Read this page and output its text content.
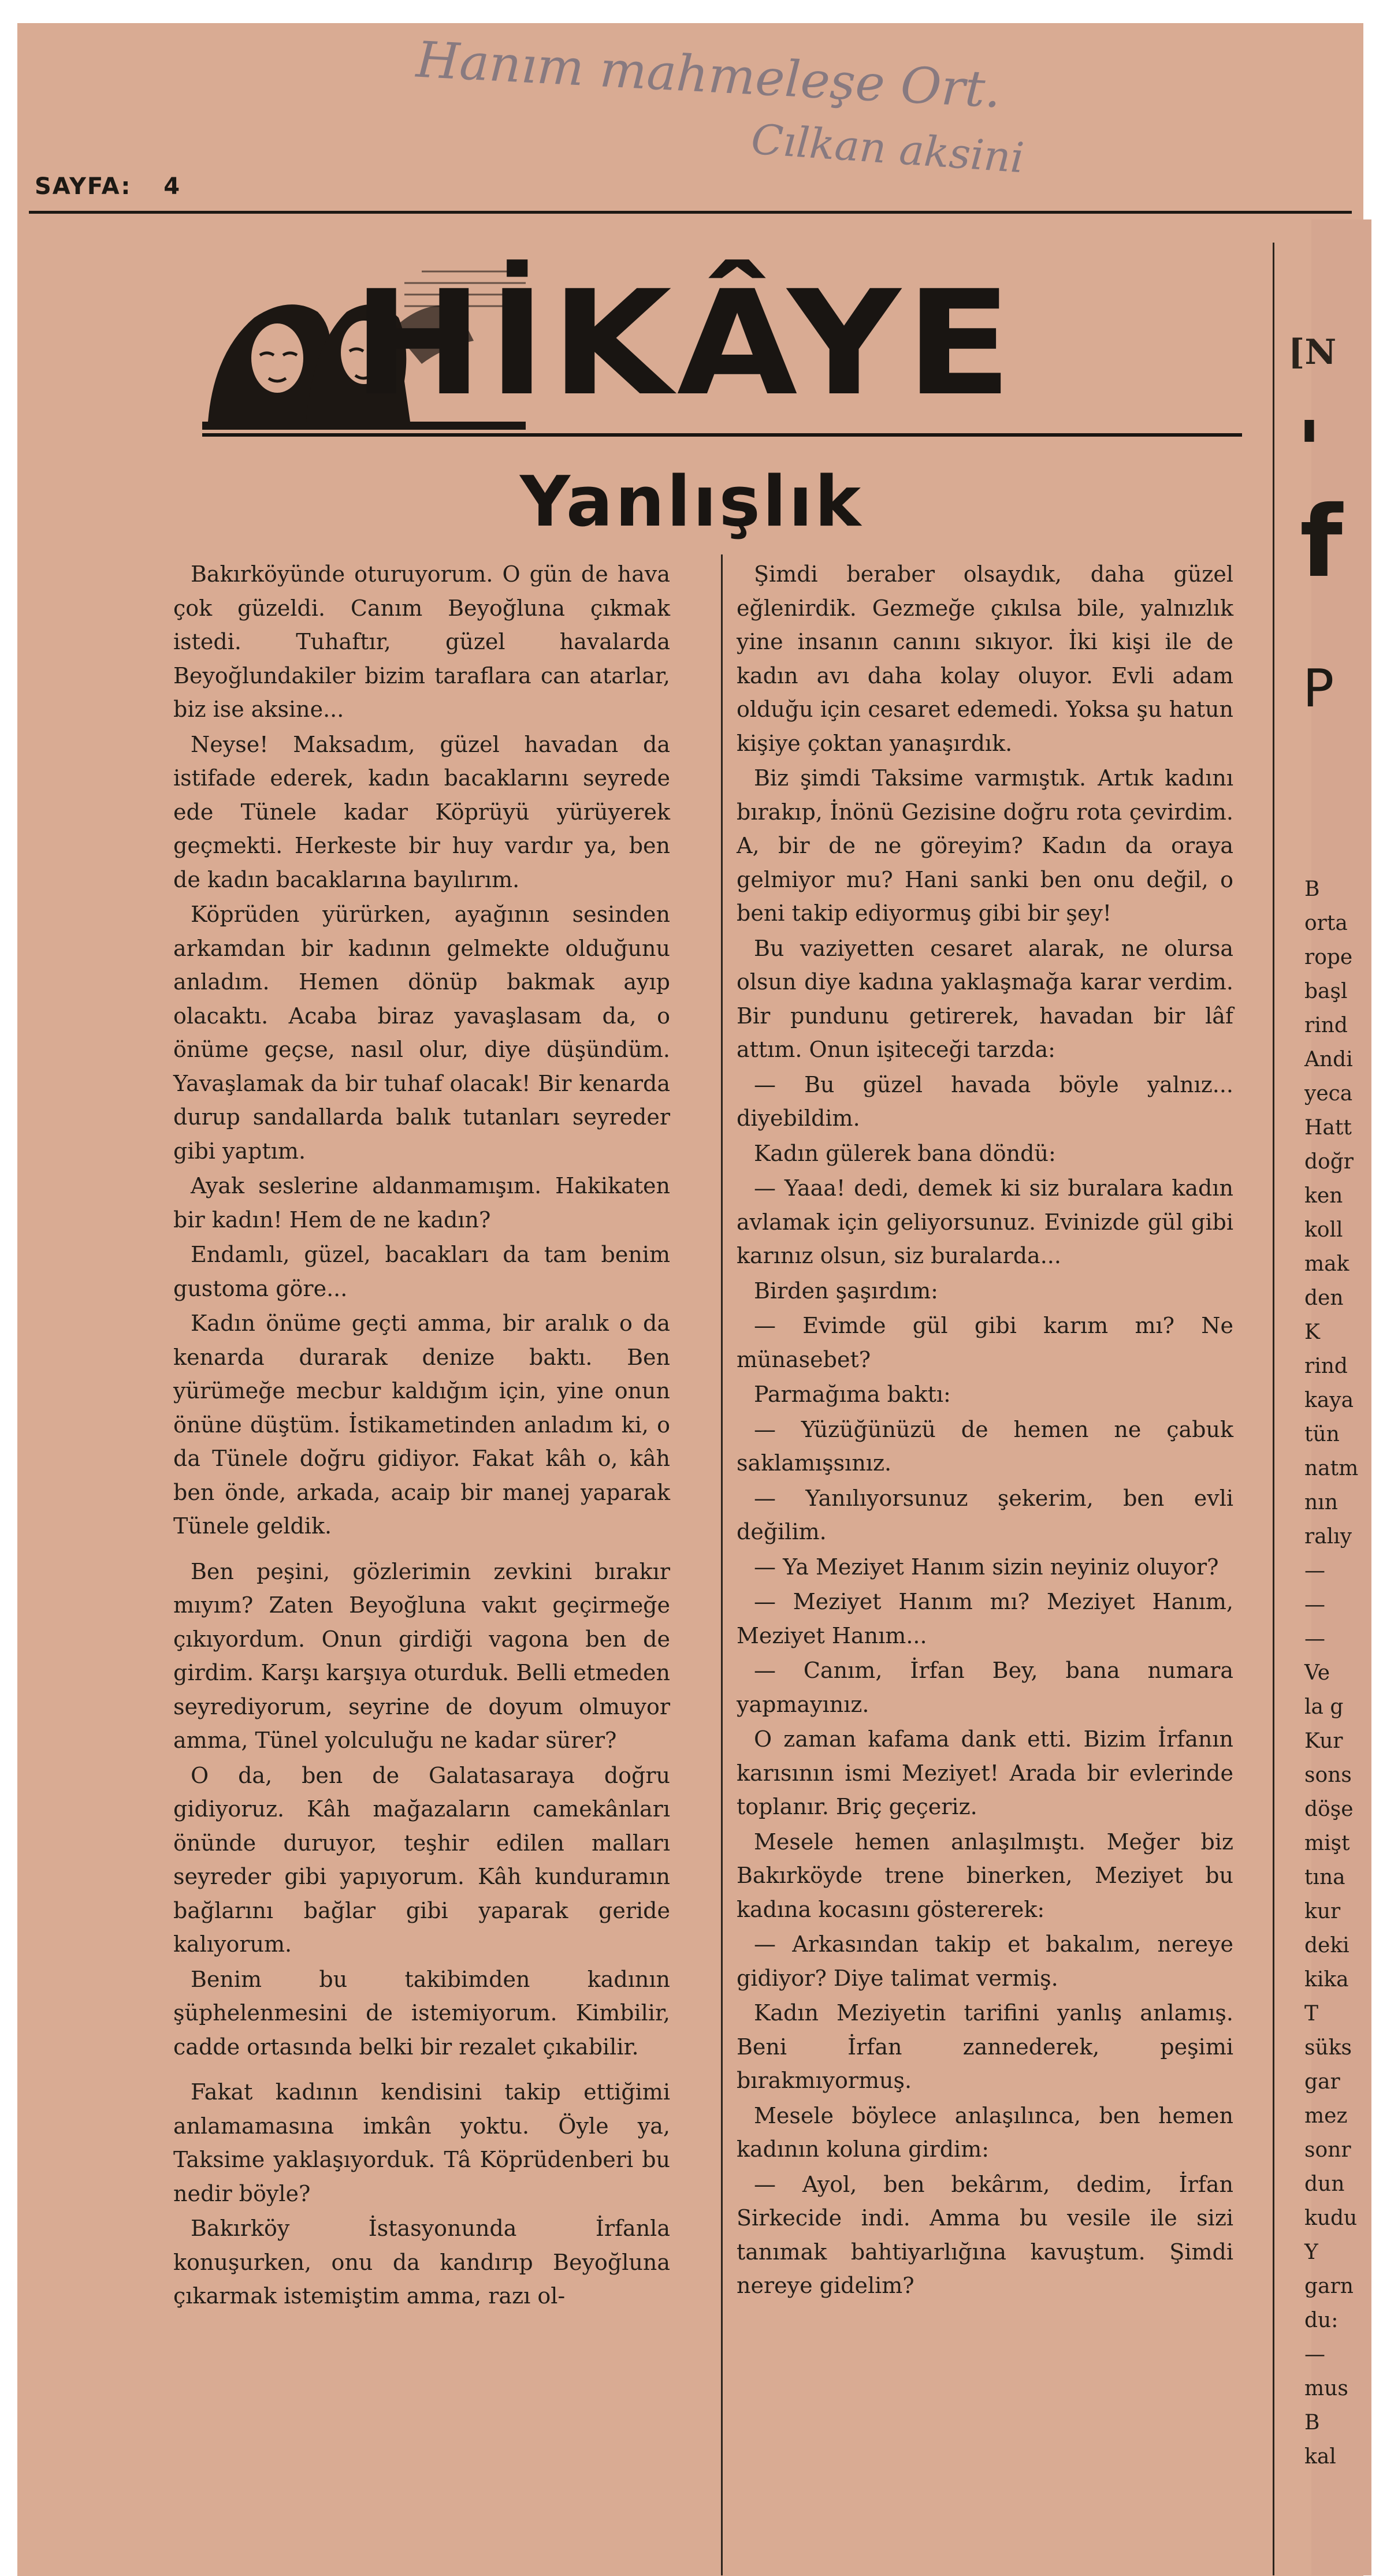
Hanım mahmeleşe Ort.
Cılkan aksini
SAYFA: 4
HİKÂYE
Yanlışlık

Bakırköyünde oturuyorum. O gün de hava çok güzeldi. Canım Beyoğluna çıkmak istedi. Tuhaftır, güzel havalarda Beyoğlundakiler bizim taraflara can atarlar, biz ise aksine...

Neyse! Maksadım, güzel havadan da istifade ederek, kadın bacaklarını seyrede ede Tünele kadar Köprüyü yürüyerek geçmekti. Herkeste bir huy vardır ya, ben de kadın bacaklarına bayılırım.

Köprüden yürürken, ayağının sesinden arkamdan bir kadının gelmekte olduğunu anladım. Hemen dönüp bakmak ayıp olacaktı. Acaba biraz yavaşlasam da, o önüme geçse, nasıl olur, diye düşündüm. Yavaşlamak da bir tuhaf olacak! Bir kenarda durup sandallarda balık tutanları seyreder gibi yaptım.

Ayak seslerine aldanmamışım. Hakikaten bir kadın! Hem de ne kadın?

Endamlı, güzel, bacakları da tam benim gustoma göre...

Kadın önüme geçti amma, bir aralık o da kenarda durarak denize baktı. Ben yürümeğe mecbur kaldığım için, yine onun önüne düştüm. İstikametinden anladım ki, o da Tünele doğru gidiyor. Fakat kâh o, kâh ben önde, arkada, acaip bir manej yaparak Tünele geldik.

Ben peşini, gözlerimin zevkini bırakır mıyım? Zaten Beyoğluna vakıt geçirmeğe çıkıyordum. Onun girdiği vagona ben de girdim. Karşı karşıya oturduk. Belli etmeden seyrediyorum, seyrine de doyum olmuyor amma, Tünel yolculuğu ne kadar sürer?

O da, ben de Galatasaraya doğru gidiyoruz. Kâh mağazaların camekânları önünde duruyor, teşhir edilen malları seyreder gibi yapıyorum. Kâh kunduramın bağlarını bağlar gibi yaparak geride kalıyorum.

Benim bu takibimden kadının şüphelenmesini de istemiyorum. Kimbilir, cadde ortasında belki bir rezalet çıkabilir.

Fakat kadının kendisini takip ettiğimi anlamamasına imkân yoktu. Öyle ya, Taksime yaklaşıyorduk. Tâ Köprüdenberi bu nedir böyle?

Bakırköy İstasyonunda İrfanla konuşurken, onu da kandırıp Beyoğluna çıkarmak istemiştim amma, razı ol-

Şimdi beraber olsaydık, daha güzel eğlenirdik. Gezmeğe çıkılsa bile, yalnızlık yine insanın canını sıkıyor. İki kişi ile de kadın avı daha kolay oluyor. Evli adam olduğu için cesaret edemedi. Yoksa şu hatun kişiye çoktan yanaşırdık.

Biz şimdi Taksime varmıştık. Artık kadını bırakıp, İnönü Gezisine doğru rota çevirdim. A, bir de ne göreyim? Kadın da oraya gelmiyor mu? Hani sanki ben onu değil, o beni takip ediyormuş gibi bir şey!

Bu vaziyetten cesaret alarak, ne olursa olsun diye kadına yaklaşmağa karar verdim. Bir pundunu getirerek, havadan bir lâf attım. Onun işiteceği tarzda:

— Bu güzel havada böyle yalnız... diyebildim.

Kadın gülerek bana döndü:

— Yaaa! dedi, demek ki siz buralara kadın avlamak için geliyorsunuz. Evinizde gül gibi karınız olsun, siz buralarda...

Birden şaşırdım:

— Evimde gül gibi karım mı? Ne münasebet?

Parmağıma baktı:

— Yüzüğünüzü de hemen ne çabuk saklamışsınız.

— Yanılıyorsunuz şekerim, ben evli değilim.

— Ya Meziyet Hanım sizin neyiniz oluyor?

— Meziyet Hanım mı? Meziyet Hanım, Meziyet Hanım...

— Canım, İrfan Bey, bana numara yapmayınız.

O zaman kafama dank etti. Bizim İrfanın karısının ismi Meziyet! Arada bir evlerinde toplanır. Briç geçeriz.

Mesele hemen anlaşılmıştı. Meğer biz Bakırköyde trene binerken, Meziyet bu kadına kocasını göstererek:

— Arkasından takip et bakalım, nereye gidiyor? Diye talimat vermiş.

Kadın Meziyetin tarifini yanlış anlamış. Beni İrfan zannederek, peşimi bırakmıyormuş.

Mesele böylece anlaşılınca, ben hemen kadının koluna girdim:

— Ayol, ben bekârım, dedim, İrfan Sirkecide indi. Amma bu vesile ile sizi tanımak bahtiyarlığına kavuştum. Şimdi nereye gidelim?

[N
'
f
P
B
orta
rope
başl
rind
Andi
yeca
Hatt
doğr
ken
koll
mak
den
K
rind
kaya
tün
natm
nın
ralıy
—
—
—
Ve
la g
Kur
sons
döşe
mişt
tına
kur
deki
kika
T
süks
gar
mez
sonr
dun
kudu
Y
garn
du:
—
mus
B
kal
